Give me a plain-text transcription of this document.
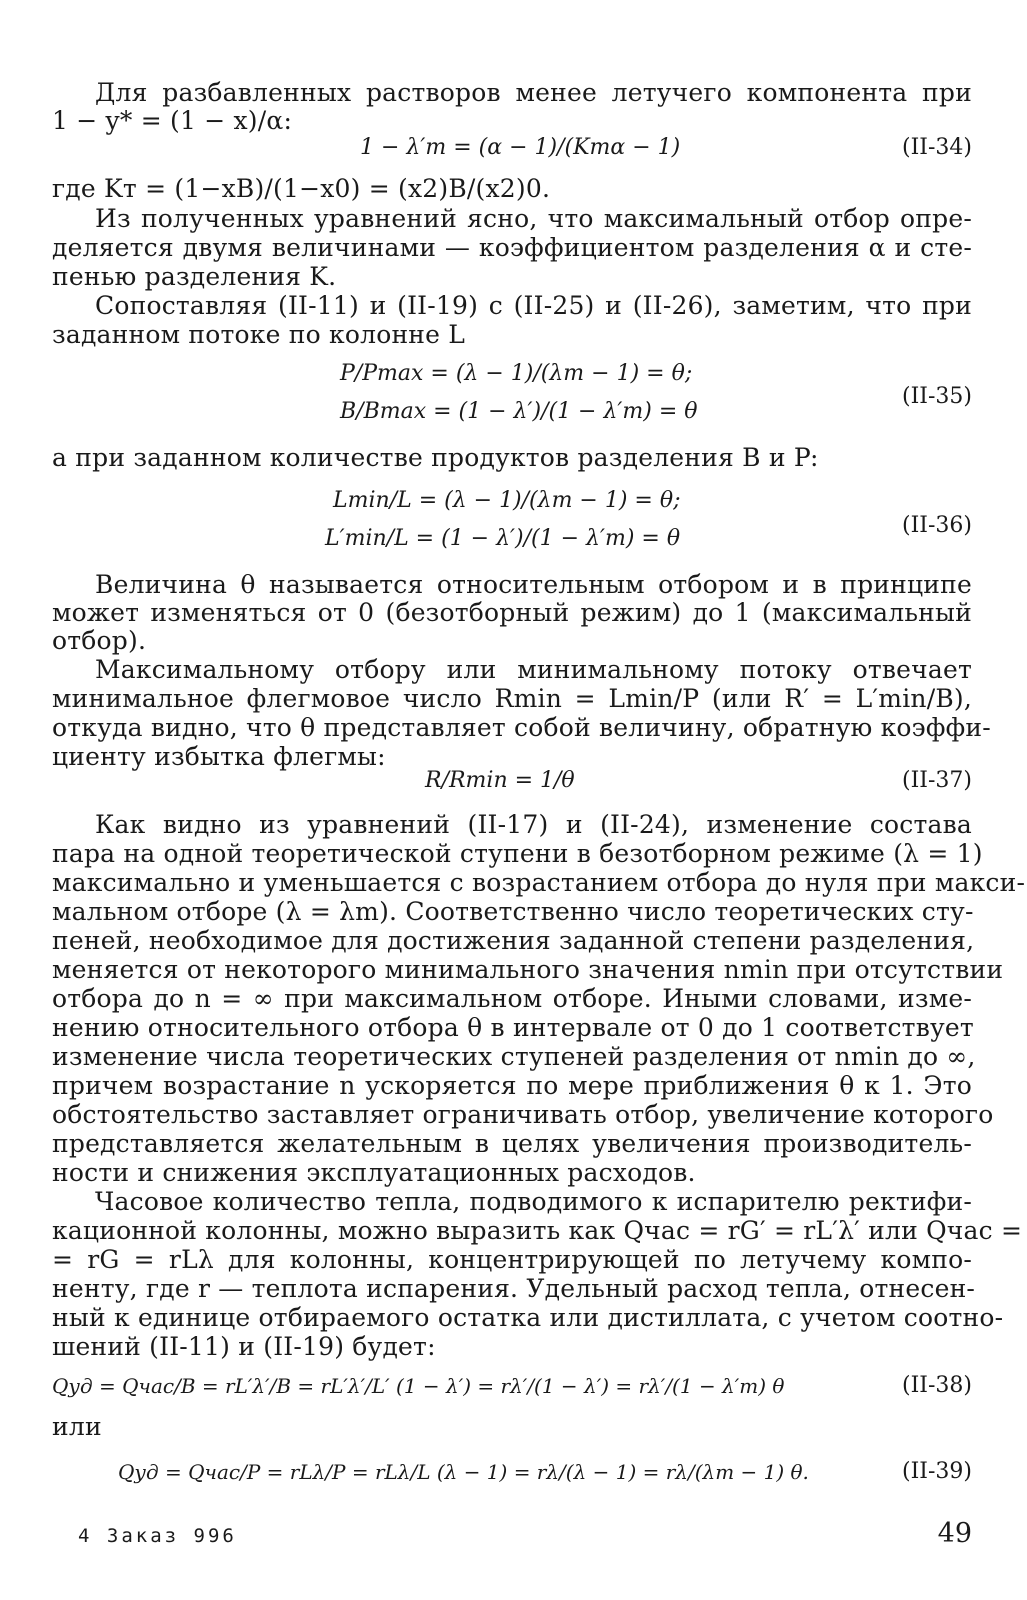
Для разбавленных растворов менее летучего компонента при
1 − y* = (1 − x)/α:
1 − λ′m = (α − 1)/(Kтα − 1)	(II-34)
где Kт = (1−xB)/(1−x0) = (x2)B/(x2)0.
Из полученных уравнений ясно, что максимальный отбор опре-
деляется двумя величинами — коэффициентом разделения α и сте-
пенью разделения K.
Сопоставляя (II-11) и (II-19) с (II-25) и (II-26), заметим, что при
заданном потоке по колонне L
P/Pmax = (λ − 1)/(λm − 1) = θ;
B/Bmax = (1 − λ′)/(1 − λ′m) = θ
(II-35)
а при заданном количестве продуктов разделения B и P:
Lmin/L = (λ − 1)/(λm − 1) = θ;
L′min/L = (1 − λ′)/(1 − λ′m) = θ
(II-36)
Величина θ называется относительным отбором и в принципе
может изменяться от 0 (безотборный режим) до 1 (максимальный
отбор).
Максимальному отбору или минимальному потоку отвечает
минимальное флегмовое число Rmin = Lmin/P (или R′ = L′min/B),
откуда видно, что θ представляет собой величину, обратную коэффи-
циенту избытка флегмы:
R/Rmin = 1/θ	(II-37)
Как видно из уравнений (II-17) и (II-24), изменение состава
пара на одной теоретической ступени в безотборном режиме (λ = 1)
максимально и уменьшается с возрастанием отбора до нуля при макси-
мальном отборе (λ = λm). Соответственно число теоретических сту-
пеней, необходимое для достижения заданной степени разделения,
меняется от некоторого минимального значения nmin при отсутствии
отбора до n = ∞ при максимальном отборе. Иными словами, изме-
нению относительного отбора θ в интервале от 0 до 1 соответствует
изменение числа теоретических ступеней разделения от nmin до ∞,
причем возрастание n ускоряется по мере приближения θ к 1. Это
обстоятельство заставляет ограничивать отбор, увеличение которого
представляется желательным в целях увеличения производитель-
ности и снижения эксплуатационных расходов.
Часовое количество тепла, подводимого к испарителю ректифи-
кационной колонны, можно выразить как Qчас = rG′ = rL′λ′ или Qчас =
= rG = rLλ для колонны, концентрирующей по летучему компо-
ненту, где r — теплота испарения. Удельный расход тепла, отнесен-
ный к единице отбираемого остатка или дистиллата, с учетом соотно-
шений (II-11) и (II-19) будет:
Qуд = Qчас/B = rL′λ′/B = rL′λ′/L′ (1 − λ′) = rλ′/(1 − λ′) = rλ′/(1 − λ′m) θ	(II-38)
или
Qуд = Qчас/P = rLλ/P = rLλ/L (λ − 1) = rλ/(λ − 1) = rλ/(λm − 1) θ.	(II-39)
4 Заказ 996	49
